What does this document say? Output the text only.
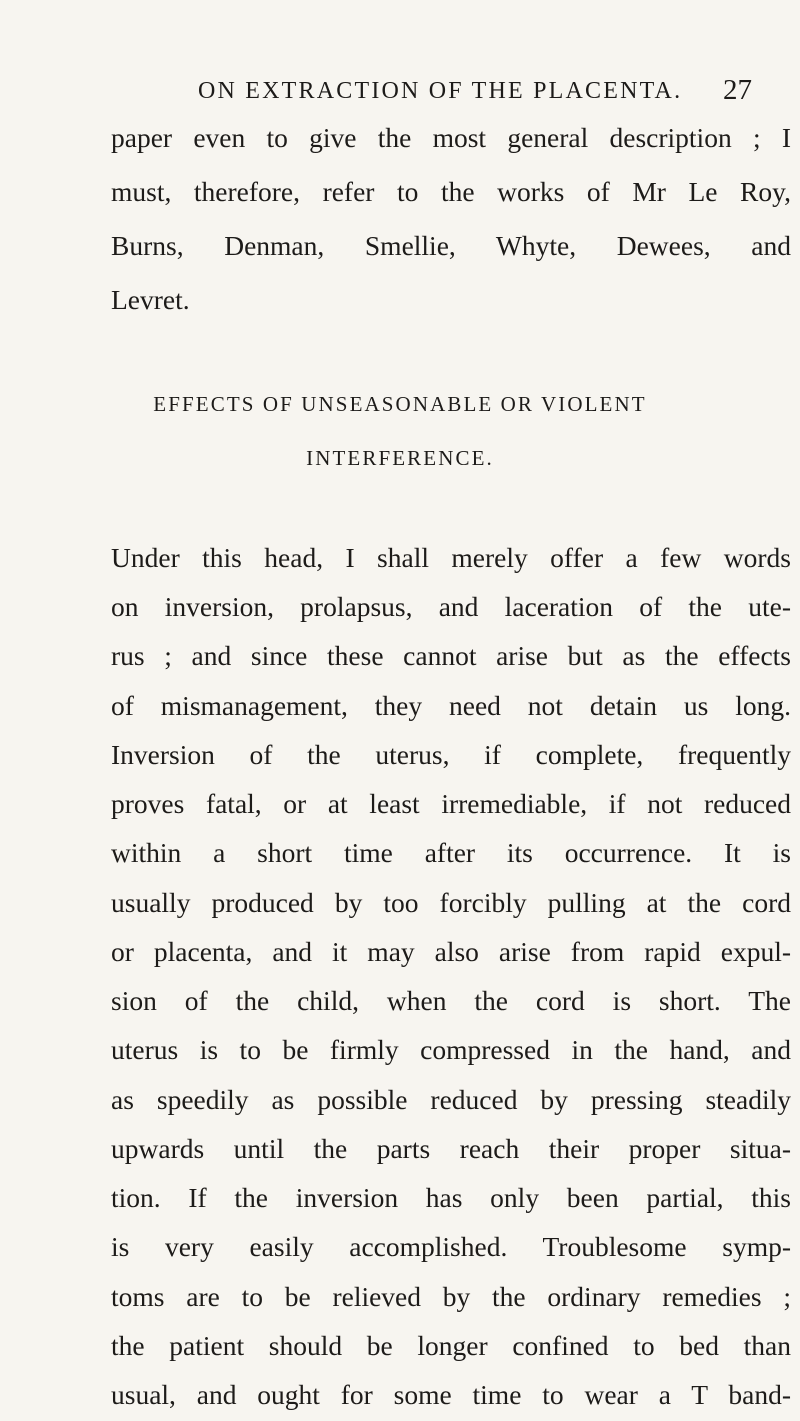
ON EXTRACTION OF THE PLACENTA. 27
paper even to give the most general description ; I
must, therefore, refer to the works of Mr Le Roy,
Burns, Denman, Smellie, Whyte, Dewees, and
Levret.
EFFECTS OF UNSEASONABLE OR VIOLENT
INTERFERENCE.
Under this head, I shall merely offer a few words
on inversion, prolapsus, and laceration of the ute-
rus ; and since these cannot arise but as the effects
of mismanagement, they need not detain us long.
Inversion of the uterus, if complete, frequently
proves fatal, or at least irremediable, if not reduced
within a short time after its occurrence. It is
usually produced by too forcibly pulling at the cord
or placenta, and it may also arise from rapid expul-
sion of the child, when the cord is short. The
uterus is to be firmly compressed in the hand, and
as speedily as possible reduced by pressing steadily
upwards until the parts reach their proper situa-
tion. If the inversion has only been partial, this
is very easily accomplished. Troublesome symp-
toms are to be relieved by the ordinary remedies ;
the patient should be longer confined to bed than
usual, and ought for some time to wear a T band-
